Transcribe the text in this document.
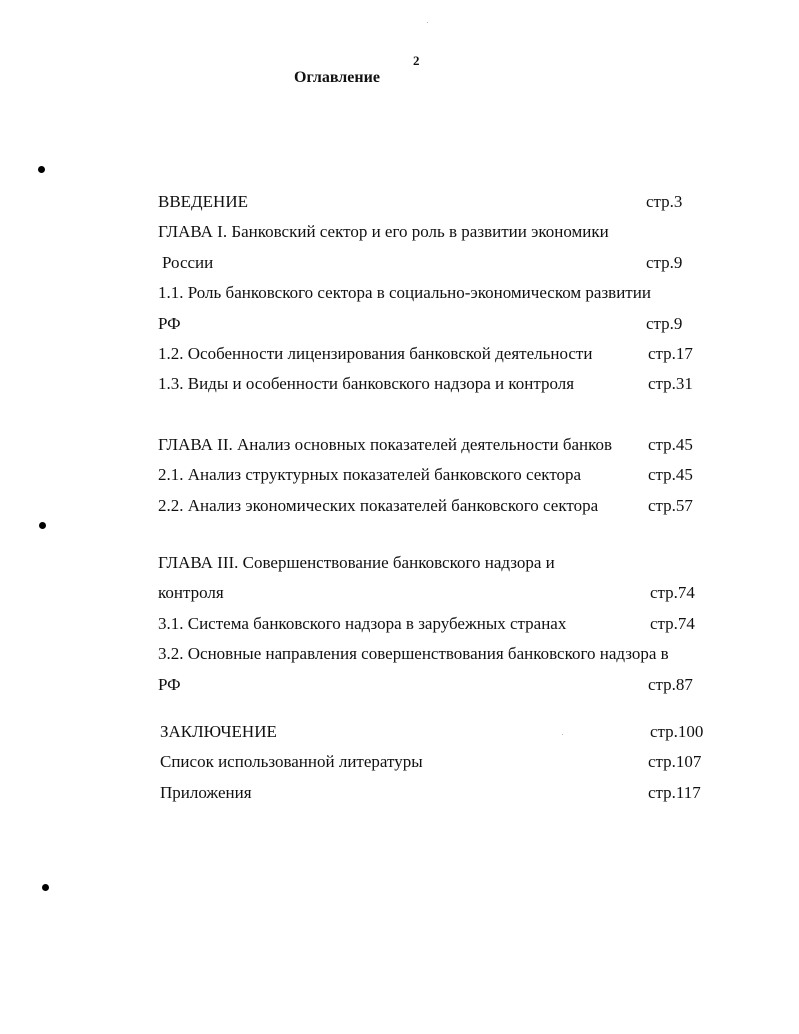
2
Оглавление
ВВЕДЕНИЕ	стр.3
ГЛАВА I. Банковский сектор и его роль в развитии экономики
России	стр.9
1.1. Роль банковского сектора в социально-экономическом развитии
РФ	стр.9
1.2. Особенности лицензирования банковской деятельности	стр.17
1.3. Виды и особенности банковского надзора и контроля	стр.31
ГЛАВА II. Анализ основных показателей деятельности банков стр.45
2.1. Анализ структурных показателей банковского сектора	стр.45
2.2. Анализ экономических показателей банковского сектора	стр.57
ГЛАВА III. Совершенствование банковского надзора и
контроля	стр.74
3.1. Система банковского надзора в зарубежных странах	стр.74
3.2. Основные направления совершенствования банковского надзора в
РФ	стр.87
ЗАКЛЮЧЕНИЕ	стр.100
Список использованной литературы	стр.107
Приложения	стр.117
